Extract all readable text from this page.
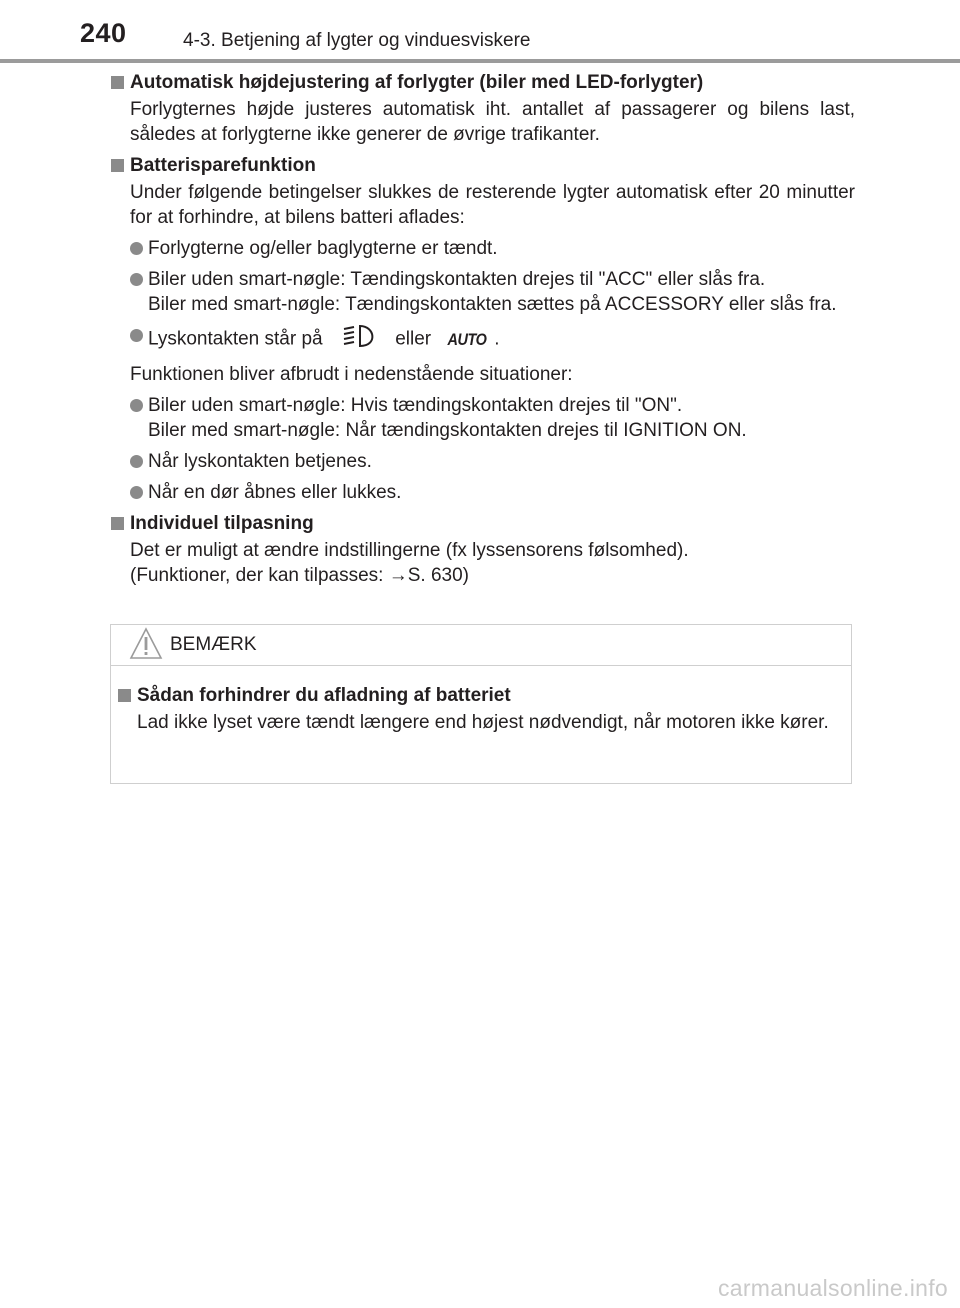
240	4-3. Betjening af lygter og vinduesviskere
Automatisk højdejustering af forlygter (biler med LED-forlygter)
Forlygternes højde justeres automatisk iht. antallet af passagerer og bilens last, således at forlygterne ikke generer de øvrige trafikanter.
Batterisparefunktion
Under følgende betingelser slukkes de resterende lygter automatisk efter 20 minutter for at forhindre, at bilens batteri aflades:
Forlygterne og/eller baglygterne er tændt.
Biler uden smart-nøgle: Tændingskontakten drejes til "ACC" eller slås fra.
Biler med smart-nøgle: Tændingskontakten sættes på ACCESSORY eller slås fra.
Lyskontakten står på	eller AUTO .
Funktionen bliver afbrudt i nedenstående situationer:
Biler uden smart-nøgle: Hvis tændingskontakten drejes til "ON".
Biler med smart-nøgle: Når tændingskontakten drejes til IGNITION ON.
Når lyskontakten betjenes.
Når en dør åbnes eller lukkes.
Individuel tilpasning
Det er muligt at ændre indstillingerne (fx lyssensorens følsomhed).
(Funktioner, der kan tilpasses: →S. 630)
BEMÆRK
Sådan forhindrer du afladning af batteriet
Lad ikke lyset være tændt længere end højest nødvendigt, når motoren ikke kører.
carmanualsonline.info
